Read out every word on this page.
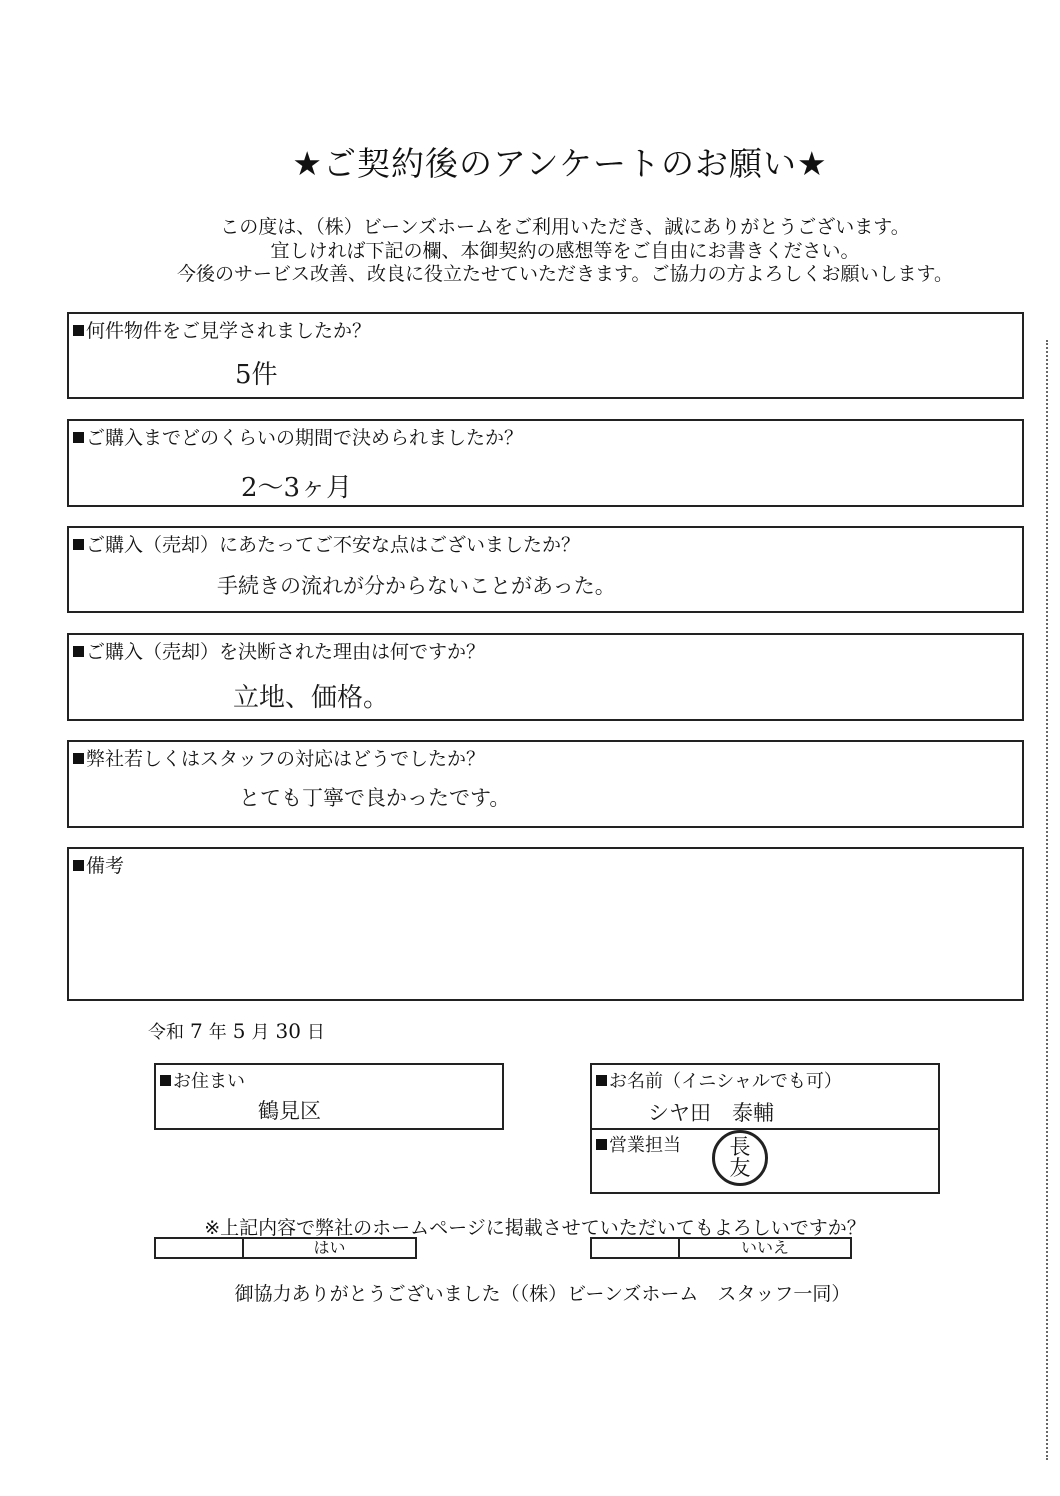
★ご契約後のアンケートのお願い★
この度は、（株）ビーンズホームをご利用いただき、誠にありがとうございます。
宜しければ下記の欄、本御契約の感想等をご自由にお書きください。
今後のサービス改善、改良に役立たせていただきます。ご協力の方よろしくお願いします。
何件物件をご見学されましたか？
5件
ご購入までどのくらいの期間で決められましたか？
2～3ヶ月
ご購入（売却）にあたってご不安な点はございましたか？
手続きの流れが分からないことがあった。
ご購入（売却）を決断された理由は何ですか？
立地、価格。
弊社若しくはスタッフの対応はどうでしたか？
とても丁寧で良かったです。
備考
令和 7 年 5 月 30 日
お住まい
鶴見区
お名前（イニシャルでも可）
シヤ田　泰輔
営業担当 長
友
※上記内容で弊社のホームページに掲載させていただいてもよろしいですか？
はい	いいえ
御協力ありがとうございました（（株）ビーンズホーム　スタッフ一同）
